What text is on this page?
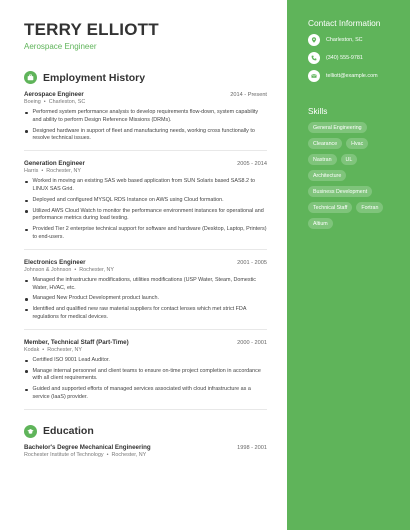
TERRY ELLIOTT
Aerospace Engineer
Employment History
Aerospace Engineer	2014 - Present
Boeing • Charleston, SC
Performed system performance analysis to develop requirements flow-down, system capability and ability to perform Design Reference Missions (DRMs).
Designed hardware in support of fleet and manufacturing needs, working cross functionally to resolve technical issues.
Generation Engineer	2005 - 2014
Harris • Rochester, NY
Worked in moving an existing SAS web based application from SUN Solaris based SAS8.2 to LINUX SAS Grid.
Deployed and configured MYSQL RDS Instance on AWS using Cloud formation.
Utilized AWS Cloud Watch to monitor the performance environment instances for operational and performance metrics during load testing.
Provided Tier 2 enterprise technical support for software and hardware (Desktop, Laptop, Printers) to end-users.
Electronics Engineer	2001 - 2005
Johnson & Johnson • Rochester, NY
Managed the infrastructure modifications, utilities modifications (USP Water, Steam, Domestic Water, HVAC, etc.
Managed New Product Development product launch.
Identified and qualified new raw material suppliers for contact lenses which met strict FDA regulations for medical devices.
Member, Technical Staff (Part-Time)	2000 - 2001
Kodak • Rochester, NY
Certified ISO 9001 Lead Auditor.
Manage internal personnel and client teams to ensure on-time project completion in accordance with all client requirements.
Guided and supported efforts of managed services associated with cloud infrastructure as a service (IaaS) provider.
Education
Bachelor's Degree Mechanical Engineering	1998 - 2001
Rochester Institute of Technology • Rochester, NY
Contact Information
Charleston, SC
(340) 555-9781
telliott@example.com
Skills
General Engineering
Clearance	Hvac
Nastran	UL
Architecture
Business Development
Technical Staff	Fortran
Altium
